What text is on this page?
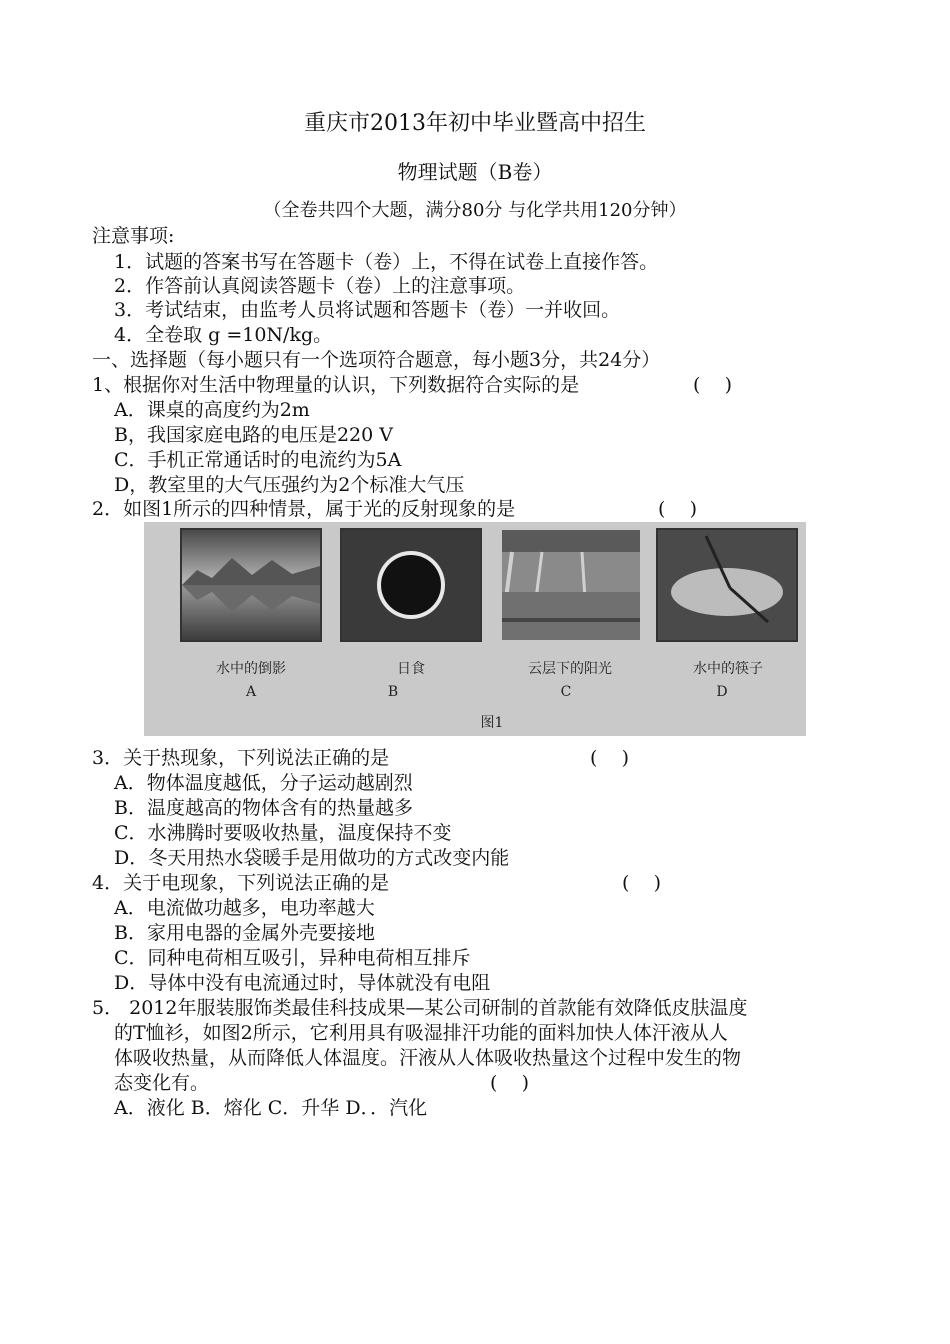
重庆市2013年初中毕业暨高中招生
物理试题（B卷）
（全卷共四个大题，满分80分 与化学共用120分钟）
注意事项:
1．试题的答案书写在答题卡（卷）上，不得在试卷上直接作答。
2．作答前认真阅读答题卡（卷）上的注意事项。
3．考试结束，由监考人员将试题和答题卡（卷）一并收回。
4．全卷取 g =10N/kg。
一、选择题（每小题只有一个选项符合题意，每小题3分，共24分）
1、根据你对生活中物理量的认识，下列数据符合实际的是	(    )
A．课桌的高度约为2m
B，我国家庭电路的电压是220 V
C．手机正常通话时的电流约为5A
D，教室里的大气压强约为2个标准大气压
2．如图1所示的四种情景，属于光的反射现象的是	(    )
水中的倒影	日食	云层下的阳光	水中的筷子
A	B	C	D
图1
3．关于热现象，下列说法正确的是	(    )
A．物体温度越低，分子运动越剧烈
B．温度越高的物体含有的热量越多
C．水沸腾时要吸收热量，温度保持不变
D．冬天用热水袋暖手是用做功的方式改变内能
4．关于电现象，下列说法正确的是	(    )
A．电流做功越多，电功率越大
B．家用电器的金属外壳要接地
C．同种电荷相互吸引，异种电荷相互排斥
D．导体中没有电流通过时，导体就没有电阻
5． 2012年服装服饰类最佳科技成果—某公司研制的首款能有效降低皮肤温度
的T恤衫，如图2所示，它利用具有吸湿排汗功能的面料加快人体汗液从人
体吸收热量，从而降低人体温度。汗液从人体吸收热量这个过程中发生的物
态变化有。	(    )
A．液化 B．熔化 C．升华 D．．汽化
